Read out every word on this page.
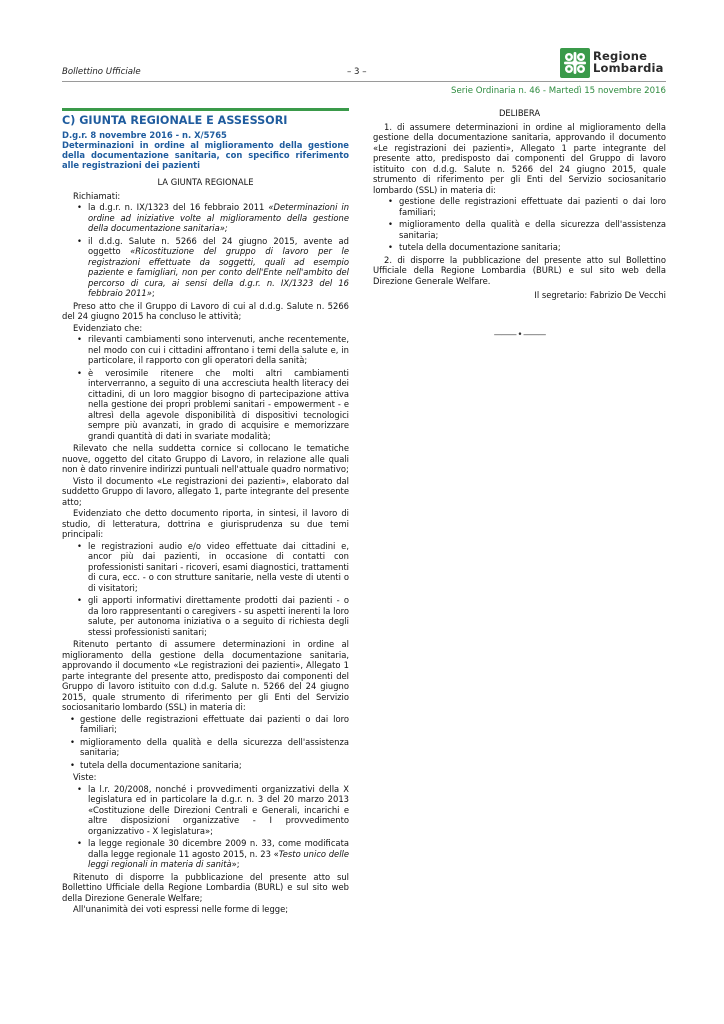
Bollettino Ufficiale	– 3 –
Regione
Lombardia
Serie Ordinaria n. 46 - Martedì 15 novembre 2016
C) GIUNTA REGIONALE E ASSESSORI
D.g.r. 8 novembre 2016 - n. X/5765
Determinazioni in ordine al miglioramento della gestione della documentazione sanitaria, con specifico riferimento alle registrazioni dei pazienti
LA GIUNTA REGIONALE
Richiamati:
• la d.g.r. n. IX/1323 del 16 febbraio 2011 «Determinazioni in ordine ad iniziative volte al miglioramento della gestione della documentazione sanitaria»;
• il d.d.g. Salute n. 5266 del 24 giugno 2015, avente ad oggetto «Ricostituzione del gruppo di lavoro per le registrazioni effettuate da soggetti, quali ad esempio paziente e famigliari, non per conto dell'Ente nell'ambito del percorso di cura, ai sensi della d.g.r. n. IX/1323 del 16 febbraio 2011»;
Preso atto che il Gruppo di Lavoro di cui al d.d.g. Salute n. 5266 del 24 giugno 2015 ha concluso le attività;
Evidenziato che:
• rilevanti cambiamenti sono intervenuti, anche recentemente, nel modo con cui i cittadini affrontano i temi della salute e, in particolare, il rapporto con gli operatori della sanità;
• è verosimile ritenere che molti altri cambiamenti interverranno, a seguito di una accresciuta health literacy dei cittadini, di un loro maggior bisogno di partecipazione attiva nella gestione dei propri problemi sanitari - empowerment - e altresì della agevole disponibilità di dispositivi tecnologici sempre più avanzati, in grado di acquisire e memorizzare grandi quantità di dati in svariate modalità;
Rilevato che nella suddetta cornice si collocano le tematiche nuove, oggetto del citato Gruppo di Lavoro, in relazione alle quali non è dato rinvenire indirizzi puntuali nell'attuale quadro normativo;
Visto il documento «Le registrazioni dei pazienti», elaborato dal suddetto Gruppo di lavoro, allegato 1, parte integrante del presente atto;
Evidenziato che detto documento riporta, in sintesi, il lavoro di studio, di letteratura, dottrina e giurisprudenza su due temi principali:
• le registrazioni audio e/o video effettuate dai cittadini e, ancor più dai pazienti, in occasione di contatti con professionisti sanitari - ricoveri, esami diagnostici, trattamenti di cura, ecc. - o con strutture sanitarie, nella veste di utenti o di visitatori;
• gli apporti informativi direttamente prodotti dai pazienti - o da loro rappresentanti o caregivers - su aspetti inerenti la loro salute, per autonoma iniziativa o a seguito di richiesta degli stessi professionisti sanitari;
Ritenuto pertanto di assumere determinazioni in ordine al miglioramento della gestione della documentazione sanitaria, approvando il documento «Le registrazioni dei pazienti», Allegato 1 parte integrante del presente atto, predisposto dai componenti del Gruppo di lavoro istituito con d.d.g. Salute n. 5266 del 24 giugno 2015, quale strumento di riferimento per gli Enti del Servizio sociosanitario lombardo (SSL) in materia di:
• gestione delle registrazioni effettuate dai pazienti o dai loro familiari;
• miglioramento della qualità e della sicurezza dell'assistenza sanitaria;
• tutela della documentazione sanitaria;
Viste:
• la l.r. 20/2008, nonché i provvedimenti organizzativi della X legislatura ed in particolare la d.g.r. n. 3 del 20 marzo 2013 «Costituzione delle Direzioni Centrali e Generali, incarichi e altre disposizioni organizzative - I provvedimento organizzativo - X legislatura»;
• la legge regionale 30 dicembre 2009 n. 33, come modificata dalla legge regionale 11 agosto 2015, n. 23 «Testo unico delle leggi regionali in materia di sanità»;
Ritenuto di disporre la pubblicazione del presente atto sul Bollettino Ufficiale della Regione Lombardia (BURL) e sul sito web della Direzione Generale Welfare;
All'unanimità dei voti espressi nelle forme di legge;
DELIBERA
1. di assumere determinazioni in ordine al miglioramento della gestione della documentazione sanitaria, approvando il documento «Le registrazioni dei pazienti», Allegato 1 parte integrante del presente atto, predisposto dai componenti del Gruppo di lavoro istituito con d.d.g. Salute n. 5266 del 24 giugno 2015, quale strumento di riferimento per gli Enti del Servizio sociosanitario lombardo (SSL) in materia di:
• gestione delle registrazioni effettuate dai pazienti o dai loro familiari;
• miglioramento della qualità e della sicurezza dell'assistenza sanitaria;
• tutela della documentazione sanitaria;
2. di disporre la pubblicazione del presente atto sul Bollettino Ufficiale della Regione Lombardia (BURL) e sul sito web della Direzione Generale Welfare.
Il segretario: Fabrizio De Vecchi
——— • ———
